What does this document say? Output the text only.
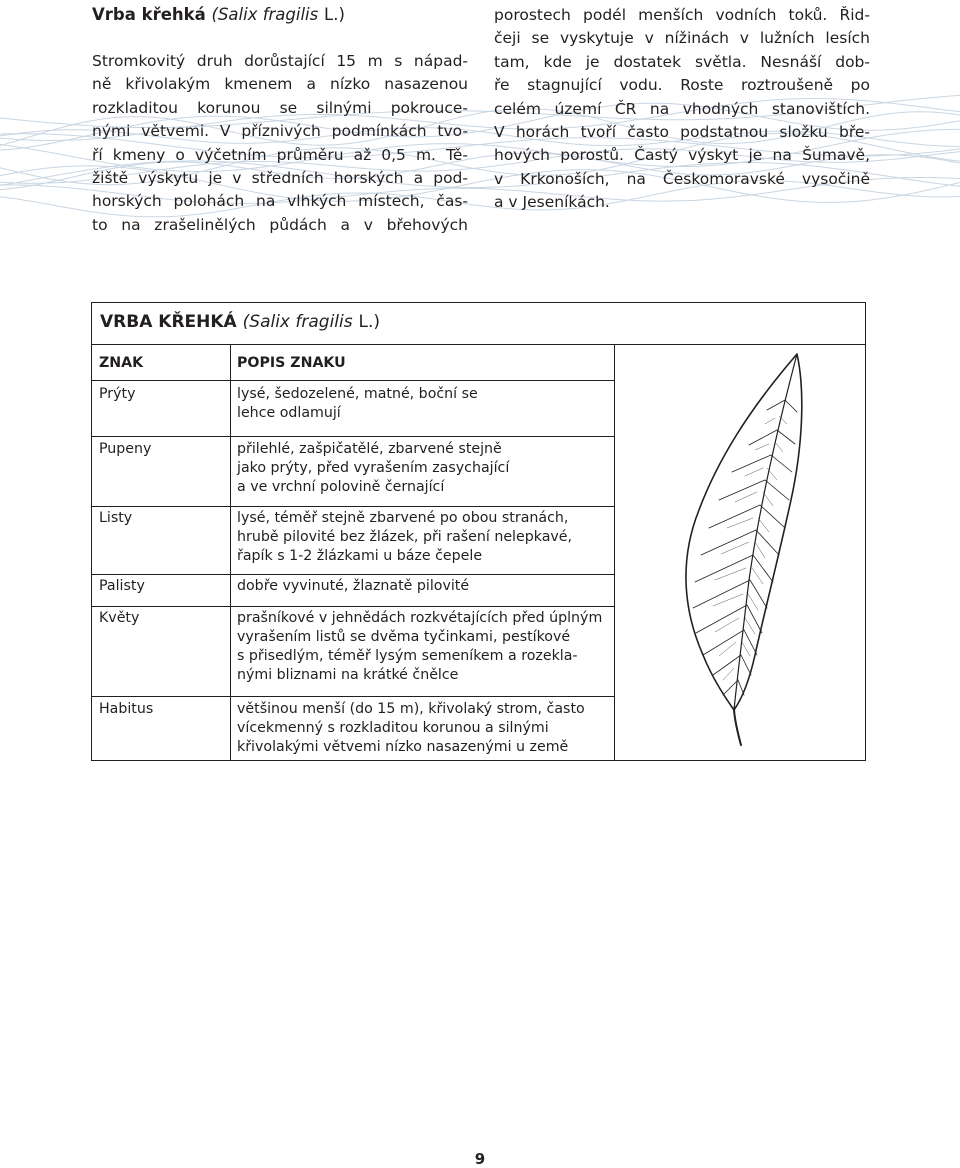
Vrba křehká (Salix fragilis L.)

Stromkovitý druh dorůstající 15 m s nápad-

ně křivolakým kmenem a nízko nasazenou

rozkladitou korunou se silnými pokrouce-

nými větvemi. V příznivých podmínkách tvo-

ří kmeny o výčetním průměru až 0,5 m. Tě-

žiště výskytu je v středních horských a pod-

horských polohách na vlhkých místech, čas-

to na zrašelinělých půdách a v břehových

porostech podél menších vodních toků. Řid-

čeji se vyskytuje v nížinách v lužních lesích

tam, kde je dostatek světla. Nesnáší dob-

ře stagnující vodu. Roste roztroušeně po

celém území ČR na vhodných stanovištích.

V horách tvoří často podstatnou složku bře-

hových porostů. Častý výskyt je na Šumavě,

v Krkonoších, na Českomoravské vysočině

a v Jeseníkách.

VRBA KŘEHKÁ (Salix fragilis L.)
ZNAK	POPIS ZNAKU
Prýty	lysé, šedozelené, matné, boční se
lehce odlamují
Pupeny	přilehlé, zašpičatělé, zbarvené stejně
jako prýty, před vyrašením zasychající
a ve vrchní polovině černající
Listy	lysé, téměř stejně zbarvené po obou stranách,
hrubě pilovité bez žlázek, při rašení nelepkavé,
řapík s 1-2 žlázkami u báze čepele
Palisty	dobře vyvinuté, žlaznatě pilovité
Květy	prašníkové v jehnědách rozkvétajících před úplným
vyrašením listů se dvěma tyčinkami, pestíkové
s přisedlým, téměř lysým semeníkem a rozekla-
nými bliznami na krátké čnělce
Habitus	většinou menší (do 15 m), křivolaký strom, často
vícekmenný s rozkladitou korunou a silnými
křivolakými větvemi nízko nasazenými u země
9
